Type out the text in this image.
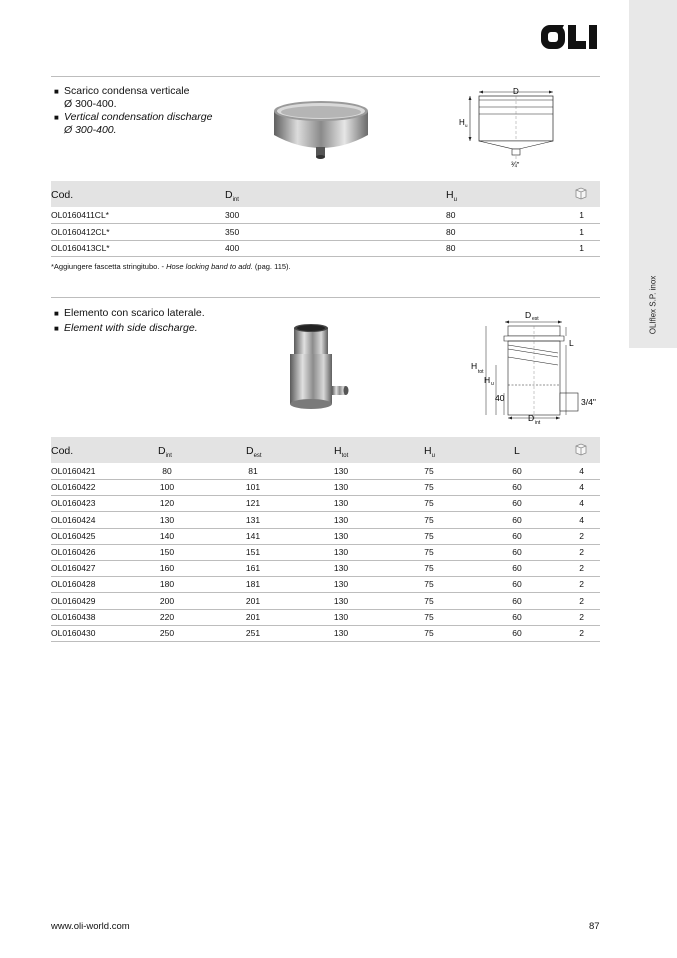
OLIflex S.P. inox
■ Scarico condensa verticale
Ø 300-400.
■ Vertical condensation discharge
Ø 300-400.
D
H u
¾"
Cod.	$D_{int}$	$H_u$
OL0160411CL*	300	80	1
OL0160412CL*	350	80	1
OL0160413CL*	400	80	1
*Aggiungere fascetta stringitubo. - Hose locking band to add. (pag. 115).
■ Elemento con scarico laterale.
■ Element with side discharge.
D est
L
H
tot
H u
40	3/4"
D int
Cod.	$D_{int}$	$D_{est}$	$H_{tot}$	$H_u$	L
OL0160421	80	81	130	75	60	4
OL0160422	100	101	130	75	60	4
OL0160423	120	121	130	75	60	4
OL0160424	130	131	130	75	60	4
OL0160425	140	141	130	75	60	2
OL0160426	150	151	130	75	60	2
OL0160427	160	161	130	75	60	2
OL0160428	180	181	130	75	60	2
OL0160429	200	201	130	75	60	2
OL0160438	220	201	130	75	60	2
OL0160430	250	251	130	75	60	2
www.oli-world.com	87
